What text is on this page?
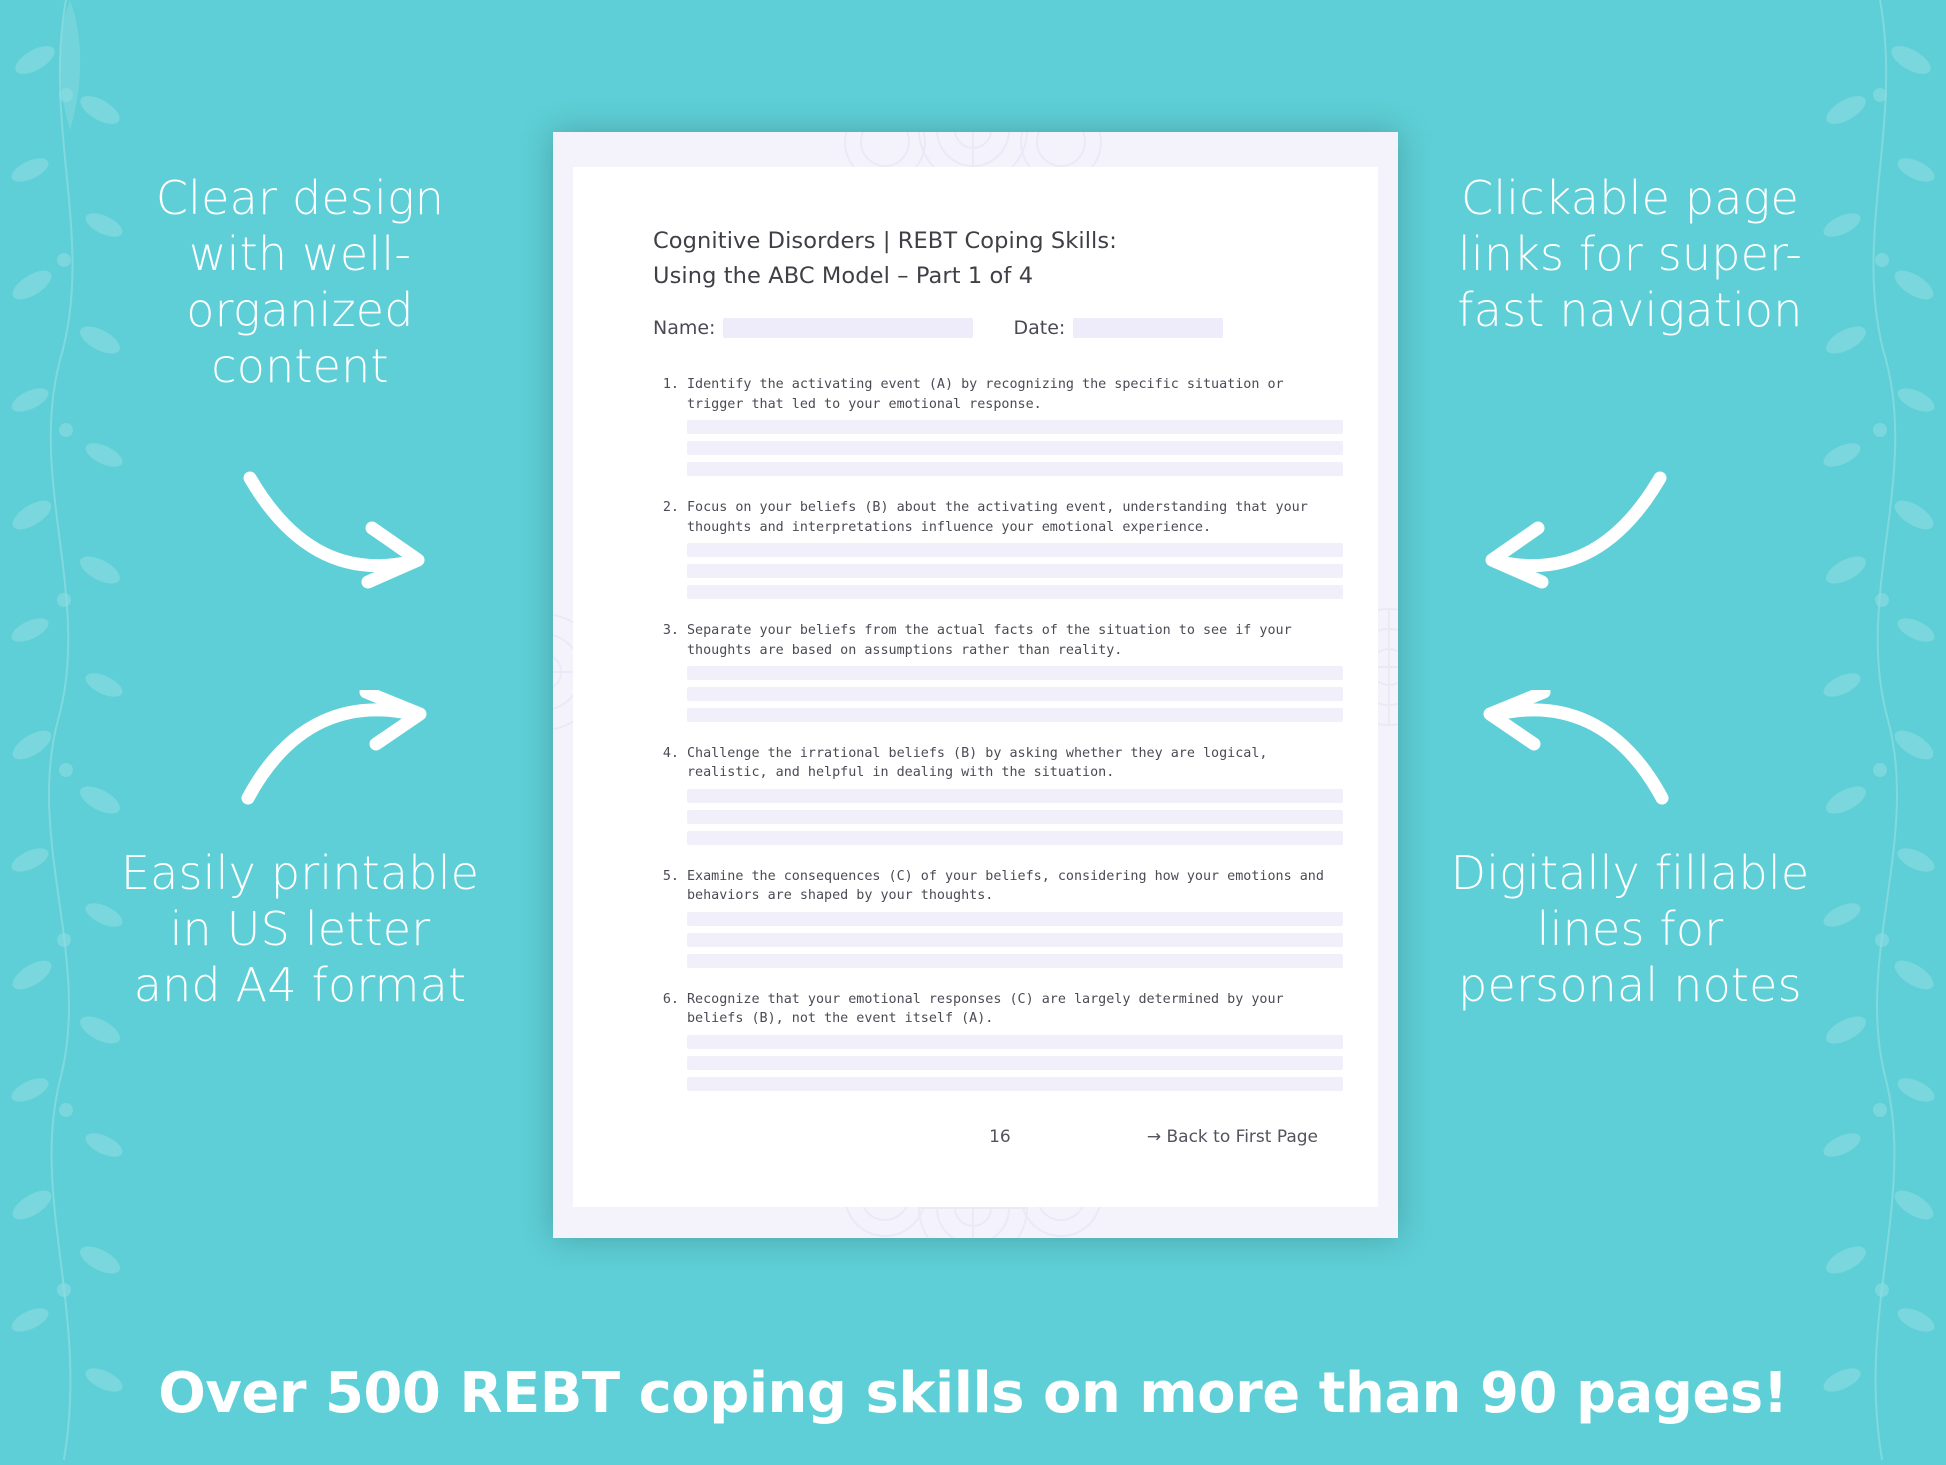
Clear design with well-organized content
Easily printable in US letter and A4 format
Clickable page links for super-fast navigation
Digitally fillable lines for personal notes
Cognitive Disorders | REBT Coping Skills:
Using the ABC Model – Part 1 of 4
Name:	Date:
1. Identify the activating event (A) by recognizing the specific situation or trigger that led to your emotional response.
2. Focus on your beliefs (B) about the activating event, understanding that your thoughts and interpretations influence your emotional experience.
3. Separate your beliefs from the actual facts of the situation to see if your thoughts are based on assumptions rather than reality.
4. Challenge the irrational beliefs (B) by asking whether they are logical, realistic, and helpful in dealing with the situation.
5. Examine the consequences (C) of your beliefs, considering how your emotions and behaviors are shaped by your thoughts.
6. Recognize that your emotional responses (C) are largely determined by your beliefs (B), not the event itself (A).
16	→ Back to First Page
Over 500 REBT coping skills on more than 90 pages!
